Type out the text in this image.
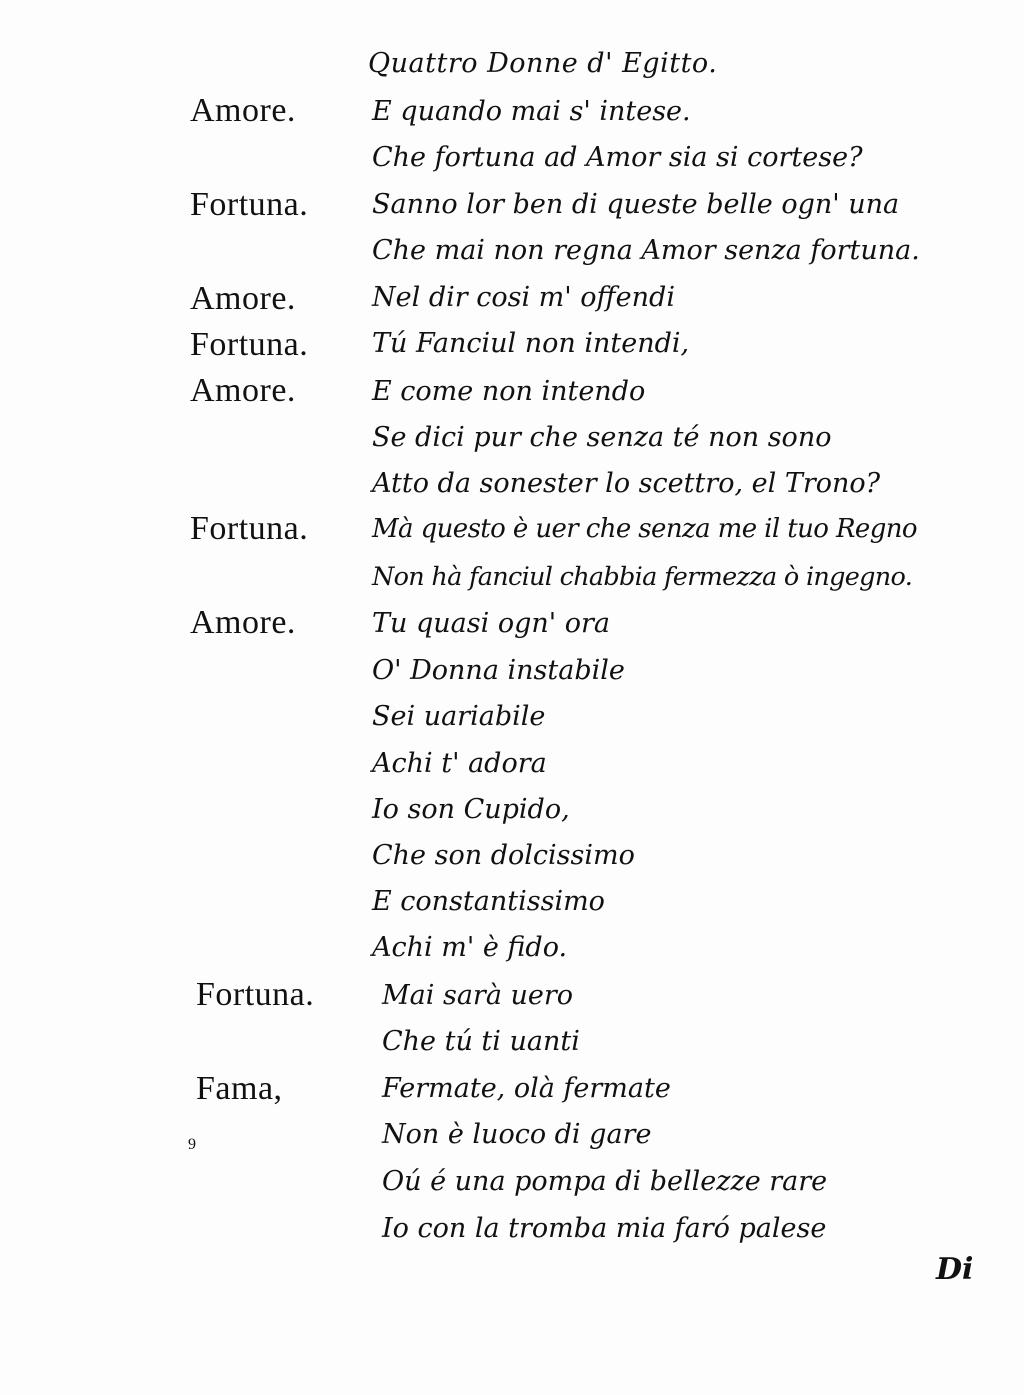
Quattro Donne d' Egitto.
Amore.
Fortuna.
Amore.
Fortuna.
Amore.
Fortuna.
Amore.
Fortuna.
Fama,
E quando mai s' intese.
Che fortuna ad Amor sia si cortese?
Sanno lor ben di queste belle ogn' una
Che mai non regna Amor senza fortuna.
Nel dir cosi m' offendi
Tú Fanciul non intendi,
E come non intendo
Se dici pur che senza té non sono
Atto da sonester lo scettro, el Trono?
Mà questo è uer che senza me il tuo Regno
Non hà fanciul chabbia fermezza ò ingegno.
Tu quasi ogn' ora
O' Donna instabile
Sei uariabile
Achi t' adora
Io son Cupido,
Che son dolcissimo
E constantissimo
Achi m' è fido.
Mai sarà uero
Che tú ti uanti
Fermate, olà fermate
Non è luoco di gare
Oú é una pompa di bellezze rare
Io con la tromba mia faró palese
9
Di
